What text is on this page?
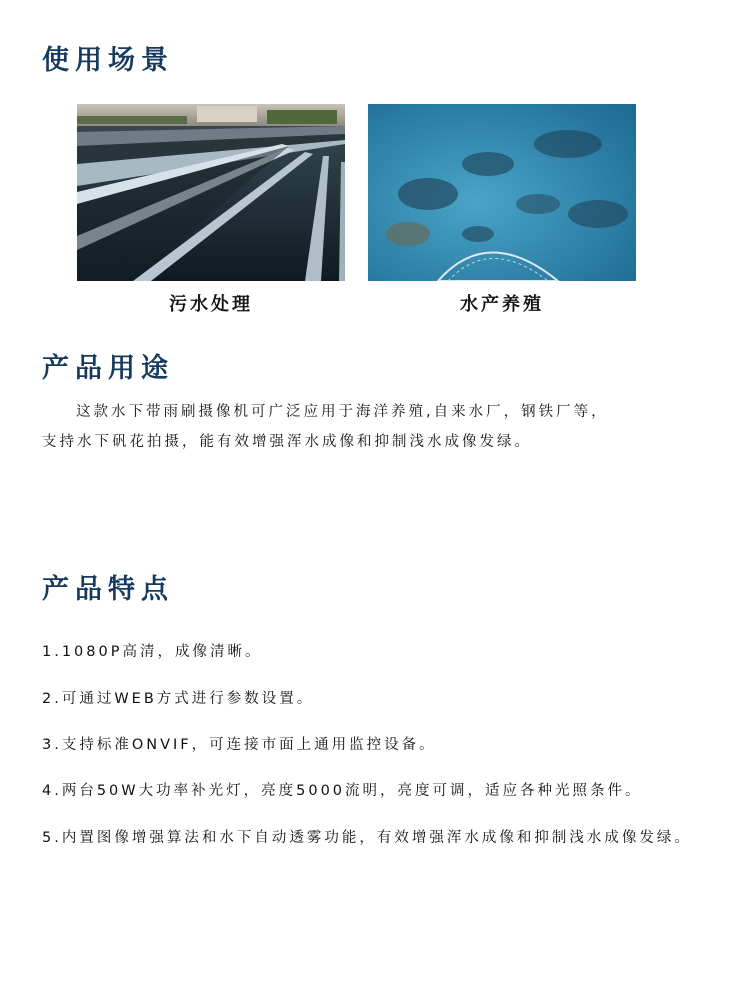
使用场景
污水处理	水产养殖
产品用途
这款水下带雨刷摄像机可广泛应用于海洋养殖,自来水厂，钢铁厂等，
支持水下矾花拍摄，能有效增强浑水成像和抑制浅水成像发绿。
产品特点
1.1080P高清，成像清晰。
2.可通过WEB方式进行参数设置。
3.支持标准ONVIF，可连接市面上通用监控设备。
4.两台50W大功率补光灯，亮度5000流明，亮度可调，适应各种光照条件。
5.内置图像增强算法和水下自动透雾功能，有效增强浑水成像和抑制浅水成像发绿。
